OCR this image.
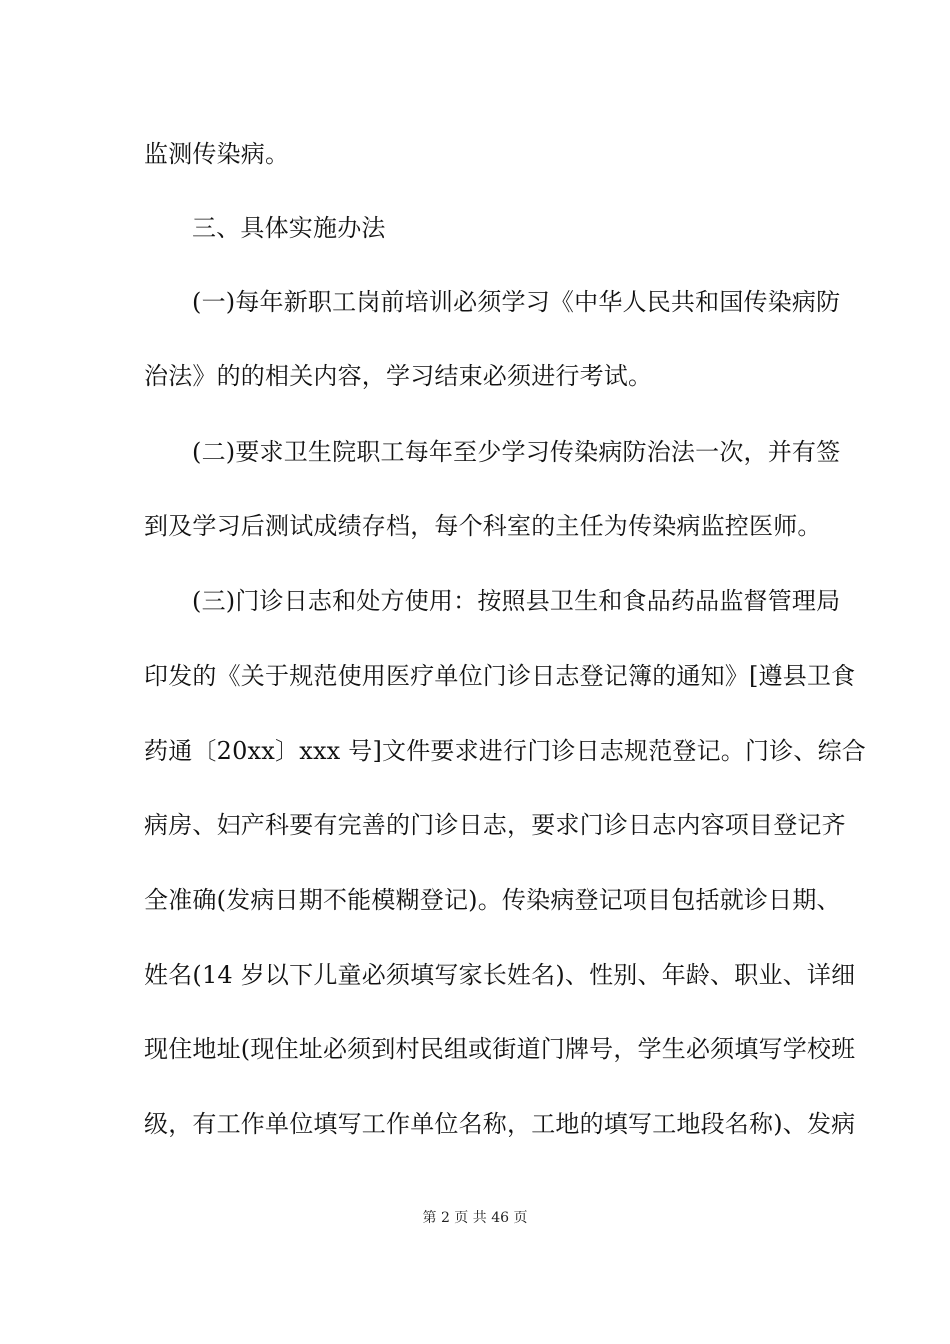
监测传染病。
三、具体实施办法
(一)每年新职工岗前培训必须学习《中华人民共和国传染病防
治法》的的相关内容，学习结束必须进行考试。
(二)要求卫生院职工每年至少学习传染病防治法一次，并有签
到及学习后测试成绩存档，每个科室的主任为传染病监控医师。
(三)门诊日志和处方使用：按照县卫生和食品药品监督管理局
印发的《关于规范使用医疗单位门诊日志登记簿的通知》[遵县卫食
药通〔20xx〕xxx 号]文件要求进行门诊日志规范登记。门诊、综合
病房、妇产科要有完善的门诊日志，要求门诊日志内容项目登记齐
全准确(发病日期不能模糊登记)。传染病登记项目包括就诊日期、
姓名(14 岁以下儿童必须填写家长姓名)、性别、年龄、职业、详细
现住地址(现住址必须到村民组或街道门牌号，学生必须填写学校班
级，有工作单位填写工作单位名称，工地的填写工地段名称)、发病
第 2 页 共 46 页
